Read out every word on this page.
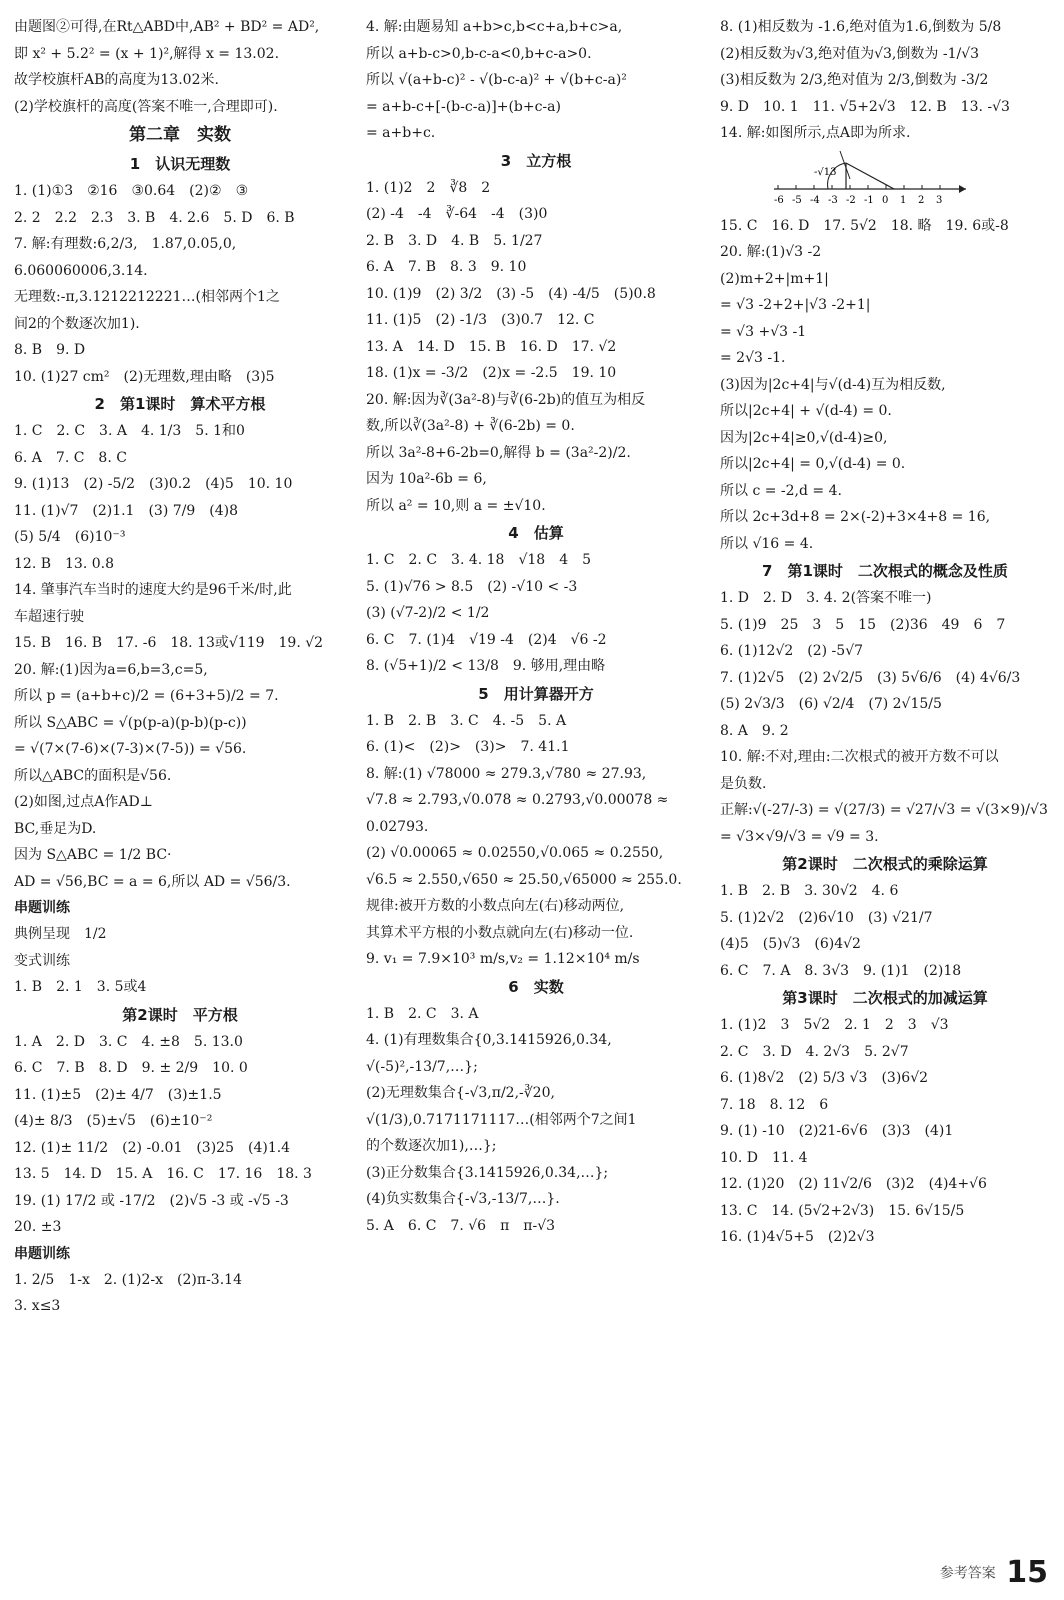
由题图②可得,在Rt△ABD中,AB² + BD² = AD²,
即 x² + 5.2² = (x + 1)²,解得 x = 13.02.
故学校旗杆AB的高度为13.02米.
(2)学校旗杆的高度(答案不唯一,合理即可).
第二章　实数
1　认识无理数
1. (1)①3　②16　③0.64　(2)②　③
2. 2　2.2　2.3　3. B　4. 2.6　5. D　6. B
7. 解:有理数:6,2/3,　1.87,0.05,0,
6.060060006,3.14.
无理数:-π,3.1212212221…(相邻两个1之
间2的个数逐次加1).
8. B　9. D
10. (1)27 cm²　(2)无理数,理由略　(3)5
2　第1课时　算术平方根
1. C　2. C　3. A　4. 1/3　5. 1和0
6. A　7. C　8. C
9. (1)13　(2) -5/2　(3)0.2　(4)5　10. 10
11. (1)√7　(2)1.1　(3) 7/9　(4)8
(5) 5/4　(6)10⁻³
12. B　13. 0.8
14. 肇事汽车当时的速度大约是96千米/时,此
车超速行驶
15. B　16. B　17. -6　18. 13或√119　19. √2
20. 解:(1)因为a=6,b=3,c=5,
所以 p = (a+b+c)/2 = (6+3+5)/2 = 7.
所以 S△ABC = √(p(p-a)(p-b)(p-c))
= √(7×(7-6)×(7-3)×(7-5)) = √56.
所以△ABC的面积是√56.
(2)如图,过点A作AD⊥
BC,垂足为D.
因为 S△ABC = 1/2 BC·
AD = √56,BC = a = 6,所以 AD = √56/3.
串题训练
典例呈现　1/2
变式训练
1. B　2. 1　3. 5或4
第2课时　平方根
1. A　2. D　3. C　4. ±8　5. 13.0
6. C　7. B　8. D　9. ± 2/9　10. 0
11. (1)±5　(2)± 4/7　(3)±1.5
(4)± 8/3　(5)±√5　(6)±10⁻²
12. (1)± 11/2　(2) -0.01　(3)25　(4)1.4
13. 5　14. D　15. A　16. C　17. 16　18. 3
19. (1) 17/2 或 -17/2　(2)√5 -3 或 -√5 -3
20. ±3
串题训练
1. 2/5　1-x　2. (1)2-x　(2)π-3.14
3. x≤3
4. 解:由题易知 a+b>c,b<c+a,b+c>a,
所以 a+b-c>0,b-c-a<0,b+c-a>0.
所以 √(a+b-c)² - √(b-c-a)² + √(b+c-a)²
= a+b-c+[-(b-c-a)]+(b+c-a)
= a+b+c.
3　立方根
1. (1)2　2　∛8　2
(2) -4　-4　∛-64　-4　(3)0
2. B　3. D　4. B　5. 1/27
6. A　7. B　8. 3　9. 10
10. (1)9　(2) 3/2　(3) -5　(4) -4/5　(5)0.8
11. (1)5　(2) -1/3　(3)0.7　12. C
13. A　14. D　15. B　16. D　17. √2
18. (1)x = -3/2　(2)x = -2.5　19. 10
20. 解:因为∛(3a²-8)与∛(6-2b)的值互为相反
数,所以∛(3a²-8) + ∛(6-2b) = 0.
所以 3a²-8+6-2b=0,解得 b = (3a²-2)/2.
因为 10a²-6b = 6,
所以 a² = 10,则 a = ±√10.
4　估算
1. C　2. C　3. 4. 18　√18　4　5
5. (1)√76 > 8.5　(2) -√10 < -3
(3) (√7-2)/2 < 1/2
6. C　7. (1)4　√19 -4　(2)4　√6 -2
8. (√5+1)/2 < 13/8　9. 够用,理由略
5　用计算器开方
1. B　2. B　3. C　4. -5　5. A
6. (1)<　(2)>　(3)>　7. 41.1
8. 解:(1) √78000 ≈ 279.3,√780 ≈ 27.93,
√7.8 ≈ 2.793,√0.078 ≈ 0.2793,√0.00078 ≈
0.02793.
(2) √0.00065 ≈ 0.02550,√0.065 ≈ 0.2550,
√6.5 ≈ 2.550,√650 ≈ 25.50,√65000 ≈ 255.0.
规律:被开方数的小数点向左(右)移动两位,
其算术平方根的小数点就向左(右)移动一位.
9. v₁ = 7.9×10³ m/s,v₂ = 1.12×10⁴ m/s
6　实数
1. B　2. C　3. A
4. (1)有理数集合{0,3.1415926,0.3̇4̇,
√(-5)²,-13/7,…};
(2)无理数集合{-√3,π/2,-∛20,
√(1/3),0.7171171117…(相邻两个7之间1
的个数逐次加1),…};
(3)正分数集合{3.1415926,0.3̇4̇,…};
(4)负实数集合{-√3,-13/7,…}.
5. A　6. C　7. √6　π　π-√3
8. (1)相反数为 -1.6,绝对值为1.6,倒数为 5/8
(2)相反数为√3,绝对值为√3,倒数为 -1/√3
(3)相反数为 2/3,绝对值为 2/3,倒数为 -3/2
9. D　10. 1　11. √5+2√3　12. B　13. -√3
14. 解:如图所示,点A即为所求.
-6 -5 -4 -3 -2 -1 0 1 2 3
-√13
15. C　16. D　17. 5√2　18. 略　19. 6或-8
20. 解:(1)√3 -2
(2)m+2+|m+1|
= √3 -2+2+|√3 -2+1|
= √3 +√3 -1
= 2√3 -1.
(3)因为|2c+4|与√(d-4)互为相反数,
所以|2c+4| + √(d-4) = 0.
因为|2c+4|≥0,√(d-4)≥0,
所以|2c+4| = 0,√(d-4) = 0.
所以 c = -2,d = 4.
所以 2c+3d+8 = 2×(-2)+3×4+8 = 16,
所以 √16 = 4.
7　第1课时　二次根式的概念及性质
1. D　2. D　3. 4. 2(答案不唯一)
5. (1)9　25　3　5　15　(2)36　49　6　7
6. (1)12√2　(2) -5√7
7. (1)2√5　(2) 2√2/5　(3) 5√6/6　(4) 4√6/3
(5) 2√3/3　(6) √2/4　(7) 2√15/5
8. A　9. 2
10. 解:不对,理由:二次根式的被开方数不可以
是负数.
正解:√(-27/-3) = √(27/3) = √27/√3 = √(3×9)/√3
= √3×√9/√3 = √9 = 3.
第2课时　二次根式的乘除运算
1. B　2. B　3. 30√2　4. 6
5. (1)2√2　(2)6√10　(3) √21/7
(4)5　(5)√3　(6)4√2
6. C　7. A　8. 3√3　9. (1)1　(2)18
第3课时　二次根式的加减运算
1. (1)2　3　5√2　2. 1　2　3　√3
2. C　3. D　4. 2√3　5. 2√7
6. (1)8√2　(2) 5/3 √3　(3)6√2
7. 18　8. 12　6
9. (1) -10　(2)21-6√6　(3)3　(4)1
10. D　11. 4
12. (1)20　(2) 11√2/6　(3)2　(4)4+√6
13. C　14. (5√2+2√3)　15. 6√15/5
16. (1)4√5+5　(2)2√3
参考答案 15
